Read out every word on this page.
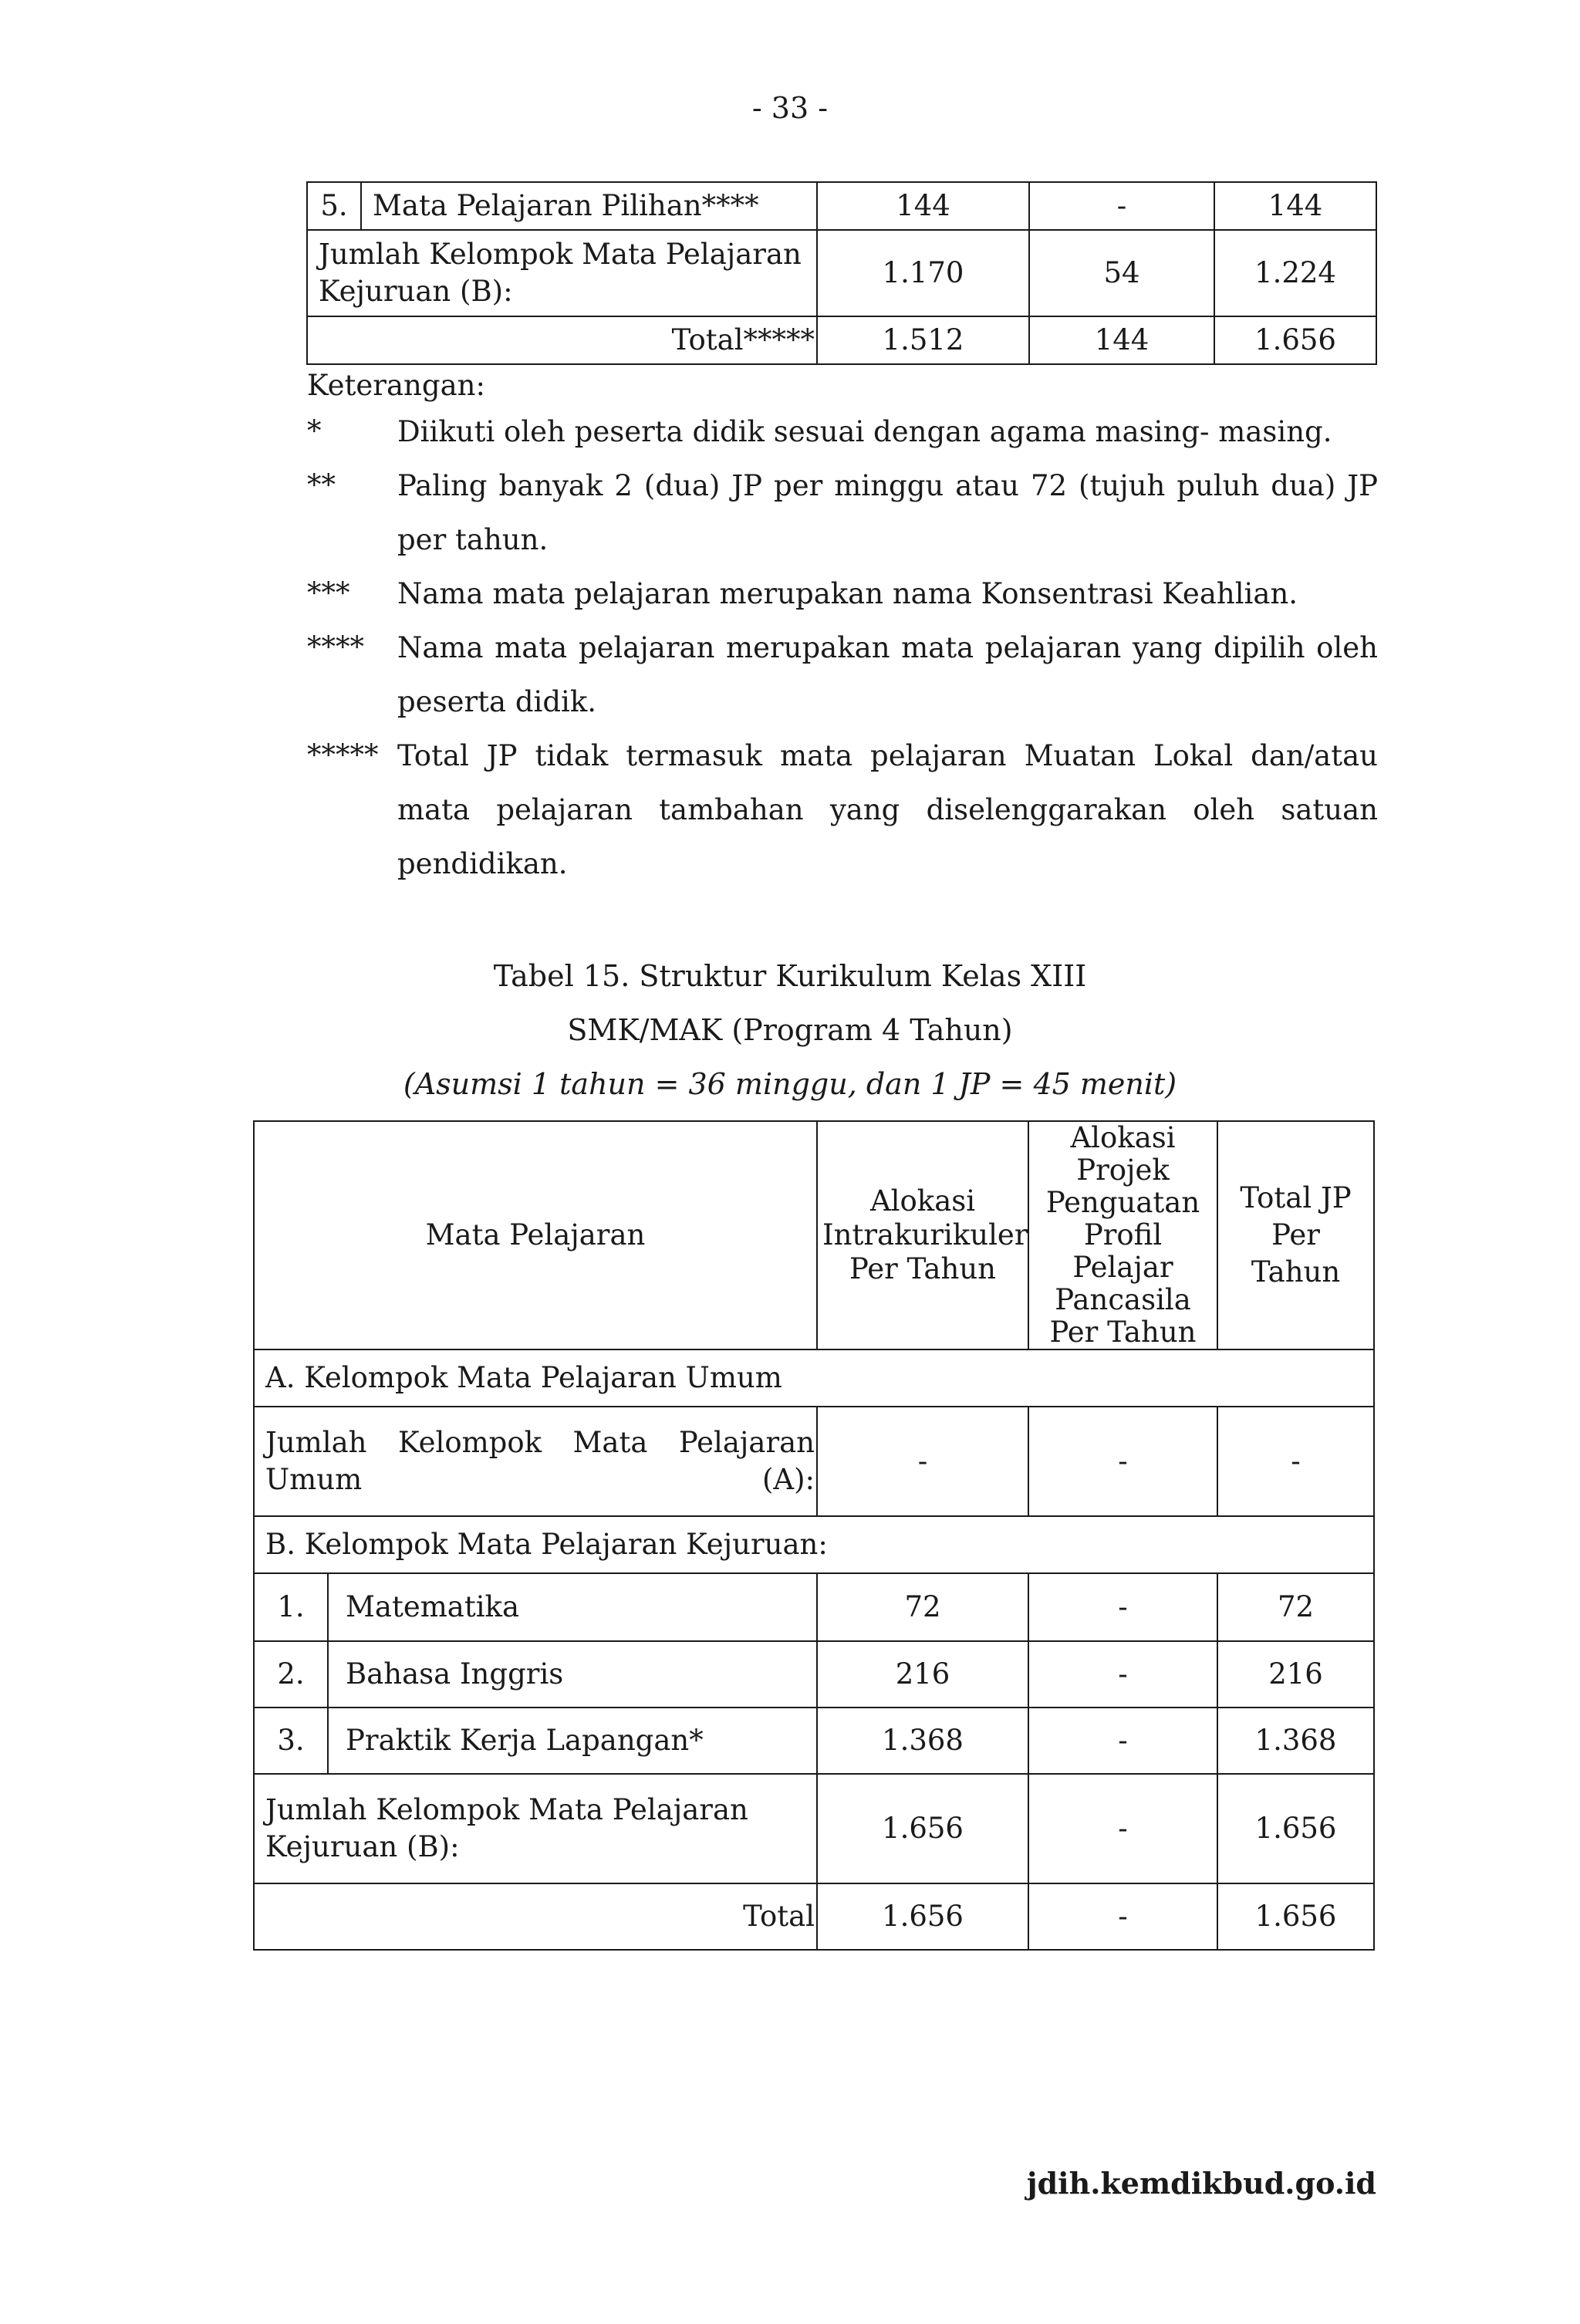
- 33 -
5.	Mata Pelajaran Pilihan****	144	-	144
Jumlah Kelompok Mata Pelajaran Kejuruan (B):		1.170	54	1.224
Total*****		1.512	144	1.656
Keterangan:
*	Diikuti oleh peserta didik sesuai dengan agama masing- masing.
** Paling banyak 2 (dua) JP per minggu atau 72 (tujuh puluh dua) JP per tahun.
*** Nama mata pelajaran merupakan nama Konsentrasi Keahlian.
**** Nama mata pelajaran merupakan mata pelajaran yang dipilih oleh peserta didik.
***** Total JP tidak termasuk mata pelajaran Muatan Lokal dan/atau mata pelajaran tambahan yang diselenggarakan oleh satuan pendidikan.
Tabel 15. Struktur Kurikulum Kelas XIII
SMK/MAK (Program 4 Tahun)
(Asumsi 1 tahun = 36 minggu, dan 1 JP = 45 menit)
Mata Pelajaran		Alokasi Intrakurikuler Per Tahun	Alokasi Projek Penguatan Profil Pelajar Pancasila Per Tahun	Total JP Per Tahun
A. Kelompok Mata Pelajaran Umum				
Jumlah Kelompok Mata Pelajaran Umum (A):		-	-	-
B. Kelompok Mata Pelajaran Kejuruan:				
1.	Matematika	72	-	72
2.	Bahasa Inggris	216	-	216
3.	Praktik Kerja Lapangan*	1.368	-	1.368
Jumlah Kelompok Mata Pelajaran Kejuruan (B):		1.656	-	1.656
Total		1.656	-	1.656
jdih.kemdikbud.go.id
